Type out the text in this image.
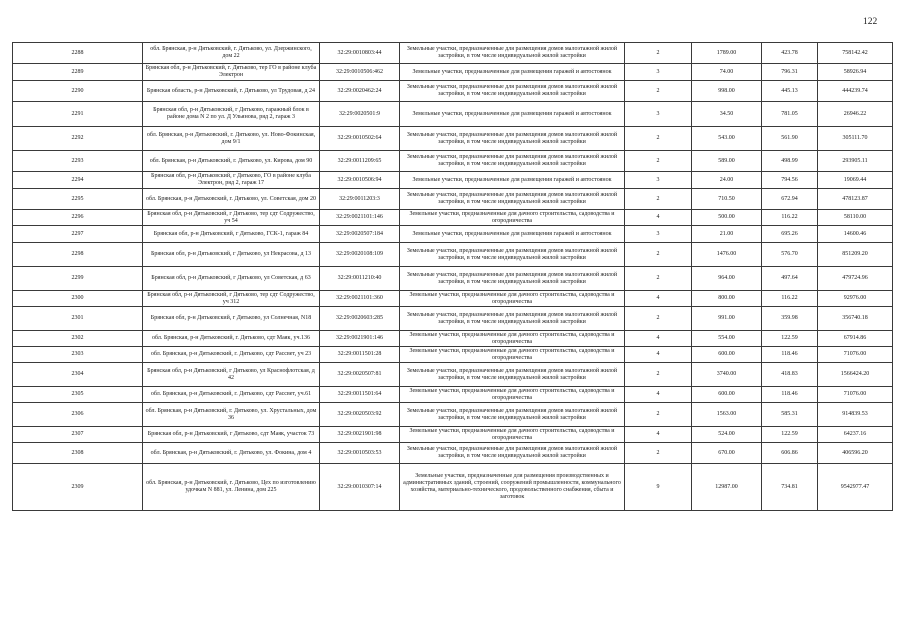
122
2288	обл. Брянская, р-н Дятьковский, г. Дятьково, ул. Дзержинского, дом 22	32:29:0010803:44	Земельные участки, предназначенные для размещения домов малоэтажной жилой застройки, в том числе индивидуальной жилой застройки	2	1789.00	423.78	758142.42
2289	Брянская обл, р-н Дятьковский, г. Дятьково, тер ГО в районе клуба Электрон	32:29:0010506:462	Земельные участки, предназначенные для размещения гаражей и автостоянок	3	74.00	796.31	58926.94
2290	Брянская область, р-н Дятьковский, г. Дятьково, ул Трудовая, д 24	32:29:0020462:24	Земельные участки, предназначенные для размещения домов малоэтажной жилой застройки, в том числе индивидуальной жилой застройки	2	998.00	445.13	444239.74
2291	Брянская обл, р-н Дятьковский, г Дятьково, гаражный блок в районе дома N 2 по ул. Д Ульянова, ряд 2, гараж 3	32:29:0020501:9	Земельные участки, предназначенные для размещения гаражей и автостоянок	3	34.50	781.05	26946.22
2292	обл. Брянская, р-н Дятьковский, г. Дятьково, ул. Ново-Фокинская, дом 9/1	32:29:0010502:64	Земельные участки, предназначенные для размещения домов малоэтажной жилой застройки, в том числе индивидуальной жилой застройки	2	543.00	561.90	305111.70
2293	обл. Брянская, р-н Дятьковский, г. Дятьково, ул. Кирова, дом 90	32:29:0011209:65	Земельные участки, предназначенные для размещения домов малоэтажной жилой застройки, в том числе индивидуальной жилой застройки	2	589.00	498.99	293905.11
2294	Брянская обл, р-н Дятьковский, г Дятьково, ГО в районе клуба Электрон, ряд 2, гараж 17	32:29:0010506:94	Земельные участки, предназначенные для размещения гаражей и автостоянок	3	24.00	794.56	19069.44
2295	обл. Брянская, р-н Дятьковский, г. Дятьково, ул. Советская, дом 20	32:29:0011203:3	Земельные участки, предназначенные для размещения домов малоэтажной жилой застройки, в том числе индивидуальной жилой застройки	2	710.50	672.94	478123.87
2296	Брянская обл, р-н Дятьковский, г Дятьково, тер сдт Содружество, уч 54	32:29:0021101:146	Земельные участки, предназначенные для дачного строительства, садоводства и огородничества	4	500.00	116.22	58110.00
2297	Брянская обл, р-н Дятьковский, г Дятьково, ГСК-1, гараж 84	32:29:0020507:184	Земельные участки, предназначенные для размещения гаражей и автостоянок	3	21.00	695.26	14600.46
2298	Брянская обл, р-н Дятьковский, г Дятьково, ул Некрасова, д 13	32:29:0020108:109	Земельные участки, предназначенные для размещения домов малоэтажной жилой застройки, в том числе индивидуальной жилой застройки	2	1476.00	576.70	851209.20
2299	Брянская обл, р-н Дятьковский, г Дятьково, ул Советская, д 63	32:29:0011210:40	Земельные участки, предназначенные для размещения домов малоэтажной жилой застройки, в том числе индивидуальной жилой застройки	2	964.00	497.64	479724.96
2300	Брянская обл, р-н Дятьковский, г Дятьково, тер сдт Содружество, уч 312	32:29:0021101:360	Земельные участки, предназначенные для дачного строительства, садоводства и огородничества	4	800.00	116.22	92976.00
2301	Брянская обл, р-н Дятьковский, г Дятьково, ул Солнечная, N18	32:29:0020603:285	Земельные участки, предназначенные для размещения домов малоэтажной жилой застройки, в том числе индивидуальной жилой застройки	2	991.00	359.98	356740.18
2302	обл. Брянская, р-н Дятьковский, г. Дятьково, сдт Маяк, уч.136	32:29:0021901:146	Земельные участки, предназначенные для дачного строительства, садоводства и огородничества	4	554.00	122.59	67914.86
2303	обл. Брянская, р-н Дятьковский, г. Дятьково, сдт Рассвет, уч 23	32:29:0011501:28	Земельные участки, предназначенные для дачного строительства, садоводства и огородничества	4	600.00	118.46	71076.00
2304	Брянская обл, р-н Дятьковский, г Дятьково, ул Краснофлотская, д 42	32:29:0020507:81	Земельные участки, предназначенные для размещения домов малоэтажной жилой застройки, в том числе индивидуальной жилой застройки	2	3740.00	418.83	1566424.20
2305	обл. Брянская, р-н Дятьковский, г. Дятьково, сдт Рассвет, уч.61	32:29:0011501:64	Земельные участки, предназначенные для дачного строительства, садоводства и огородничества	4	600.00	118.46	71076.00
2306	обл. Брянская, р-н Дятьковский, г. Дятьково, ул. Хрустальных, дом 36	32:29:0020503:92	Земельные участки, предназначенные для размещения домов малоэтажной жилой застройки, в том числе индивидуальной жилой застройки	2	1563.00	585.31	914839.53
2307	Брянская обл, р-н Дятьковский, г Дятьково, сдт Маяк, участок 73	32:29:0021901:98	Земельные участки, предназначенные для дачного строительства, садоводства и огородничества	4	524.00	122.59	64237.16
2308	обл. Брянская, р-н Дятьковский, г. Дятьково, ул. Фокина, дом 4	32:29:0010503:53	Земельные участки, предназначенные для размещения домов малоэтажной жилой застройки, в том числе индивидуальной жилой застройки	2	670.00	606.86	406596.20
2309	обл. Брянская, р-н Дятьковский, г. Дятьково, Цех по изготовлению удочкам N 881, ул. Ленина, дом 225	32:29:0010307:14	Земельные участки, предназначенные для размещения производственных и административных зданий, строений, сооружений промышленности, коммунального хозяйства, материально-технического, продовольственного снабжения, сбыта и заготовок	9	12987.00	734.81	9542977.47
